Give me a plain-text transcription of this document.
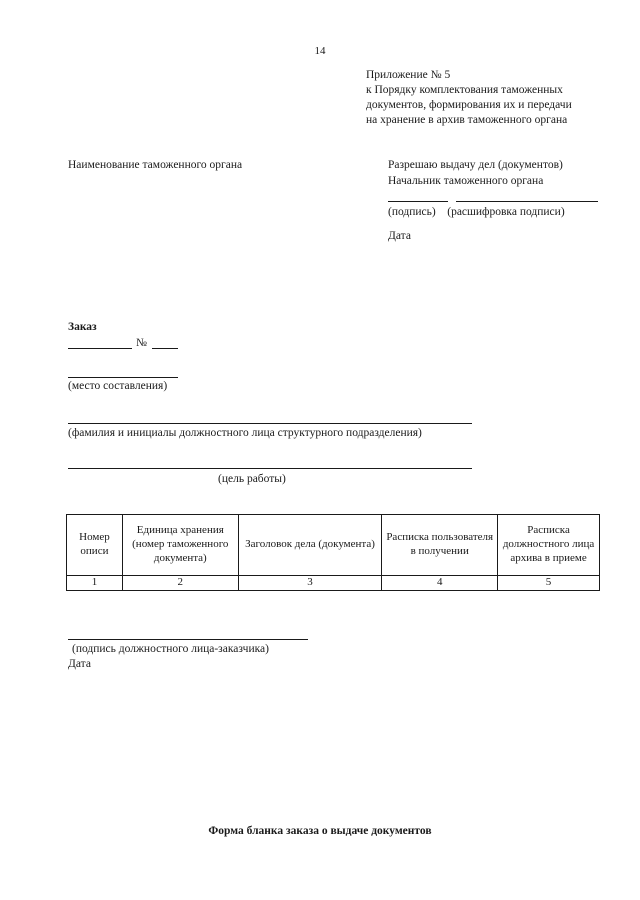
14
Приложение № 5
к Порядку комплектования таможенных
документов, формирования их и передачи
на хранение в архив таможенного органа
Наименование таможенного органа	Разрешаю выдачу дел (документов)
Начальник таможенного органа
(подпись) (расшифровка подписи)
Дата
Заказ
№
(место составления)
(фамилия и инициалы должностного лица структурного подразделения)
(цель работы)
Номер описи	Единица хранения (номер таможенного документа)	Заголовок дела (документа)	Расписка пользователя в получении	Расписка должностного лица архива в приеме
1	2	3	4	5
(подпись должностного лица-заказчика)
Дата
Форма бланка заказа о выдаче документов
